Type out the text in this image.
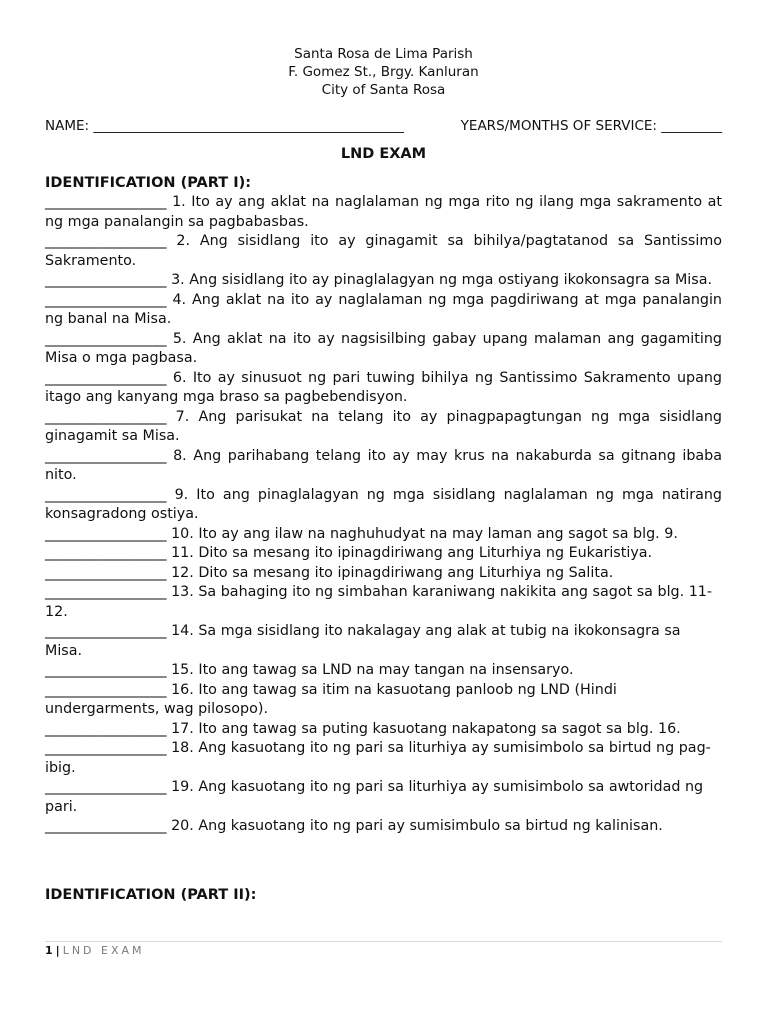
Santa Rosa de Lima Parish
F. Gomez St., Brgy. Kanluran
City of Santa Rosa
NAME: ______________________________________________	YEARS/MONTHS OF SERVICE: _________
LND EXAM
IDENTIFICATION (PART I):

_________________ 1. Ito ay ang aklat na naglalaman ng mga rito ng ilang mga sakramento at ng mga panalangin sa pagbabasbas.

_________________ 2. Ang sisidlang ito ay ginagamit sa bihilya/pagtatanod sa Santissimo Sakramento.

_________________ 3. Ang sisidlang ito ay pinaglalagyan ng mga ostiyang ikokonsagra sa Misa.

_________________ 4. Ang aklat na ito ay naglalaman ng mga pagdiriwang at mga panalangin ng banal na Misa.

_________________ 5. Ang aklat na ito ay nagsisilbing gabay upang malaman ang gagamiting Misa o mga pagbasa.

_________________ 6. Ito ay sinusuot ng pari tuwing bihilya ng Santissimo Sakramento upang itago ang kanyang mga braso sa pagbebendisyon.

_________________ 7. Ang parisukat na telang ito ay pinagpapagtungan ng mga sisidlang ginagamit sa Misa.

_________________ 8. Ang parihabang telang ito ay may krus na nakaburda sa gitnang ibaba nito.

_________________ 9. Ito ang pinaglalagyan ng mga sisidlang naglalaman ng mga natirang konsagradong ostiya.

_________________ 10. Ito ay ang ilaw na naghuhudyat na may laman ang sagot sa blg. 9.

_________________ 11. Dito sa mesang ito ipinagdiriwang ang Liturhiya ng Eukaristiya.

_________________ 12. Dito sa mesang ito ipinagdiriwang ang Liturhiya ng Salita.

_________________ 13. Sa bahaging ito ng simbahan karaniwang nakikita ang sagot sa blg. 11-12.

_________________ 14. Sa mga sisidlang ito nakalagay ang alak at tubig na ikokonsagra sa Misa.

_________________ 15. Ito ang tawag sa LND na may tangan na insensaryo.

_________________ 16. Ito ang tawag sa itim na kasuotang panloob ng LND (Hindi undergarments, wag pilosopo).

_________________ 17. Ito ang tawag sa puting kasuotang nakapatong sa sagot sa blg. 16.

_________________ 18. Ang kasuotang ito ng pari sa liturhiya ay sumisimbolo sa birtud ng pag-ibig.

_________________ 19. Ang kasuotang ito ng pari sa liturhiya ay sumisimbolo sa awtoridad ng pari.

_________________ 20. Ang kasuotang ito ng pari ay sumisimbulo sa birtud ng kalinisan.

IDENTIFICATION (PART II):
1 | LND EXAM
